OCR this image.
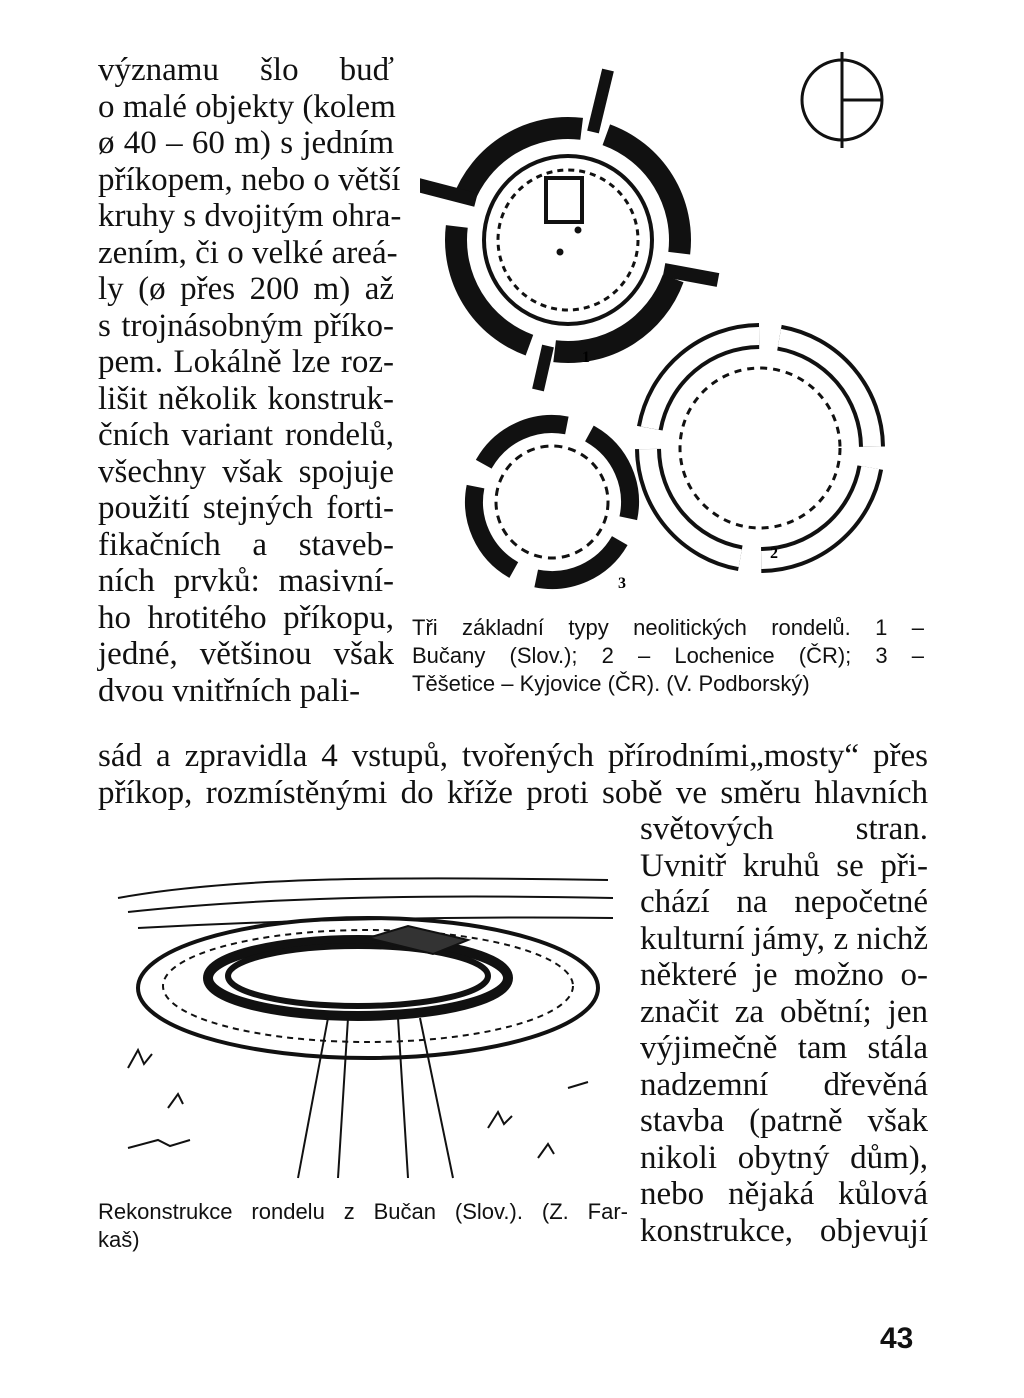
významu šlo buď
o malé objekty (kolem
ø 40 – 60 m) s jedním
příkopem, nebo o větší
kruhy s dvojitým ohra-
zením, či o velké areá-
ly (ø přes 200 m) až
s trojnásobným příko-
pem. Lokálně lze roz-
lišit několik konstruk-
čních variant rondelů,
všechny však spojuje
použití stejných forti-
fikačních a staveb-
ních prvků: masivní-
ho hrotitého příkopu,
jedné, většinou však
dvou vnitřních pali-
1
2
3
Tři základní typy neolitických rondelů. 1 –
Bučany (Slov.); 2 – Lochenice (ČR); 3 –
Těšetice – Kyjovice (ČR). (V. Podborský)
sád a zpravidla 4 vstupů, tvořených přírodními„mosty“ přes
příkop, rozmístěnými do kříže proti sobě ve směru hlavních
Rekonstrukce rondelu z Bučan (Slov.). (Z. Far-
kaš)
světových stran.
Uvnitř kruhů se při-
chází na nepočetné
kulturní jámy, z nichž
některé je možno o-
značit za obětní; jen
výjimečně tam stála
nadzemní dřevěná
stavba (patrně však
nikoli obytný dům),
nebo nějaká kůlová
konstrukce, objevují
43
